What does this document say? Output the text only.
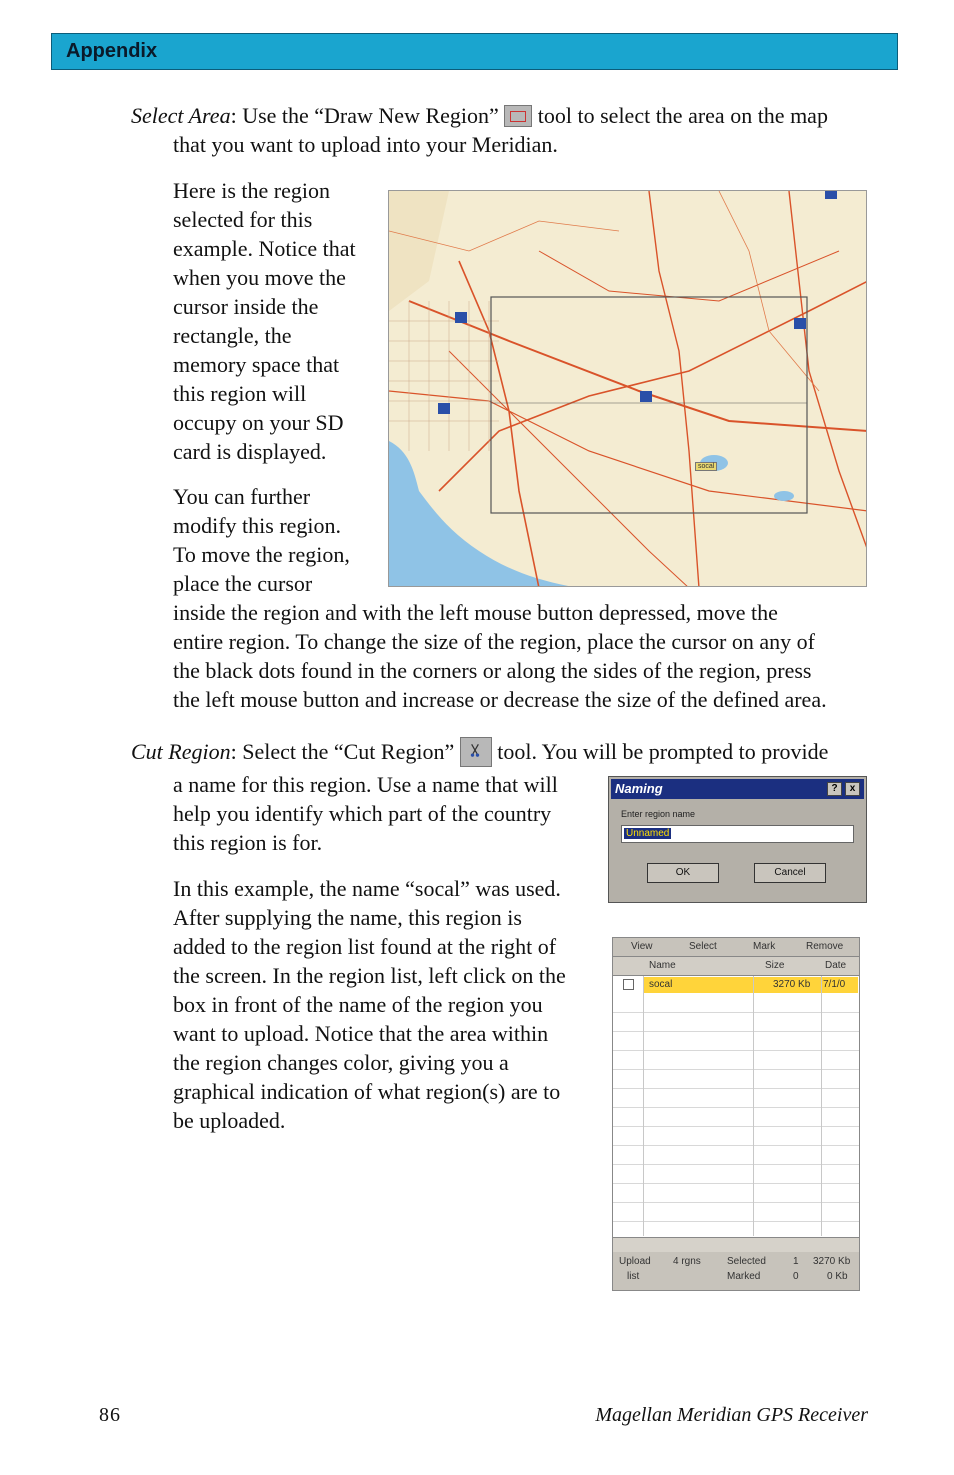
Appendix

Select Area: Use the “Draw New Region”
tool to select the area on the map

that you want to upload into your Meridian.

Here is the region

selected for this

example. Notice that

when you move the

cursor inside the

rectangle, the

memory space that

this region will

occupy on your SD

card is displayed.

You can further

modify this region.

To move the region,

place the cursor

inside the region and with the left mouse button depressed, move the

entire region. To change the size of the region, place the cursor on any of

the black dots found in the corners or along the sides of the region, press

the left mouse button and increase or decrease the size of the defined area.

socal

Cut Region: Select the “Cut Region”
tool. You will be prompted to provide

a name for this region. Use a name that will

help you identify which part of the country

this region is for.

Naming	?	x
Enter region name
Unnamed
OK	Cancel

In this example, the name “socal” was used.

After supplying the name, this region is

added to the region list found at the right of

the screen. In the region list, left click on the

box in front of the name of the region you

want to upload. Notice that the area within

the region changes color, giving you a

graphical indication of what region(s) are to

be uploaded.

View	Select	Mark	Remove
Name	Size	Date
socal	3270 Kb 7/1/0
Upload
list
4 rgns	Selected	1 3270 Kb
Marked	0	0 Kb
86	Magellan Meridian GPS Receiver
